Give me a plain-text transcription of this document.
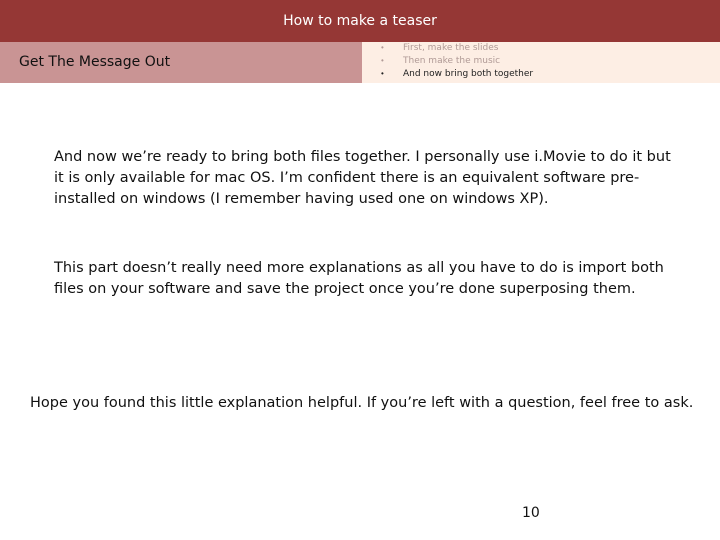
How to make a teaser
Get The Message Out
• First, make the slides
• Then make the music
• And now bring both together

And now we’re ready to bring both files together. I personally use i.Movie to do it but it is only available for mac OS. I’m confident there is an equivalent software pre-installed on windows (I remember having used one on windows XP).

This part doesn’t really need more explanations as all you have to do is import both files on your software and save the project once you’re done superposing them.

Hope you found this little explanation helpful. If you’re left with a question, feel free to ask.

10
